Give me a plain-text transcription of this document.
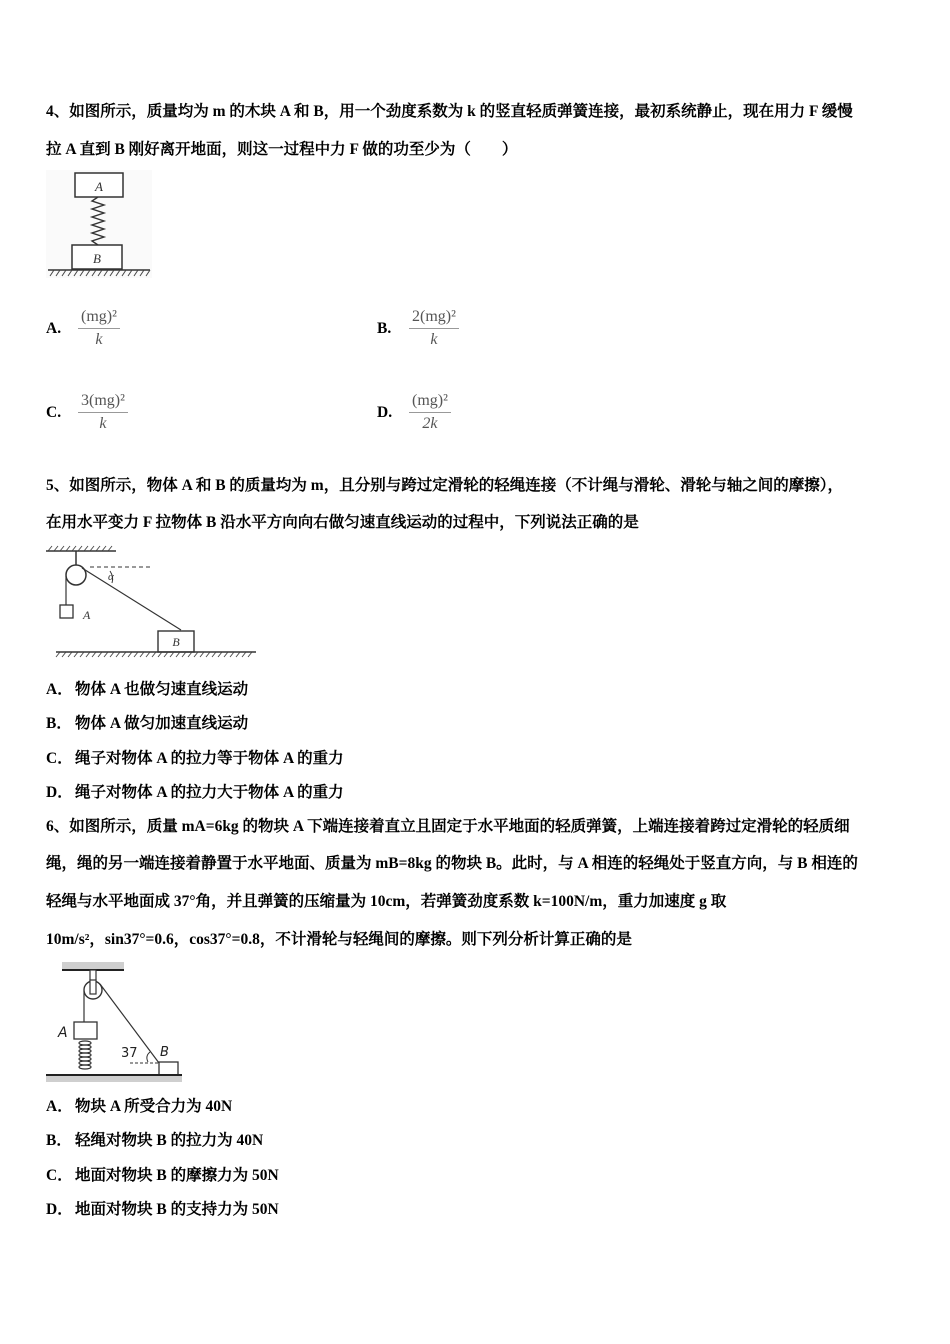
4、如图所示，质量均为 m 的木块 A 和 B，用一个劲度系数为 k 的竖直轻质弹簧连接，最初系统静止，现在用力 F 缓慢
拉 A 直到 B 刚好离开地面，则这一过程中力 F 做的功至少为（　　）
A
B
A.	$\frac{\text{(mg)²}}{k}$	B.	$\frac{\text{2(mg)²}}{k}$
C.	$\frac{\text{3(mg)²}}{k}$	D.	$\frac{\text{(mg)²}}{2k}$
5、如图所示，物体 A 和 B 的质量均为 m，且分别与跨过定滑轮的轻绳连接（不计绳与滑轮、滑轮与轴之间的摩擦），
在用水平变力 F 拉物体 B 沿水平方向向右做匀速直线运动的过程中，下列说法正确的是
A
α
B
A． 物体 A 也做匀速直线运动
B． 物体 A 做匀加速直线运动
C． 绳子对物体 A 的拉力等于物体 A 的重力
D． 绳子对物体 A 的拉力大于物体 A 的重力
6、如图所示，质量 mA=6kg 的物块 A 下端连接着直立且固定于水平地面的轻质弹簧，上端连接着跨过定滑轮的轻质细
绳，绳的另一端连接着静置于水平地面、质量为 mB=8kg 的物块 B。此时，与 A 相连的轻绳处于竖直方向，与 B 相连的
轻绳与水平地面成 37°角，并且弹簧的压缩量为 10cm，若弹簧劲度系数 k=100N/m，重力加速度 g 取
10m/s²，sin37°=0.6，cos37°=0.8，不计滑轮与轻绳间的摩擦。则下列分析计算正确的是
A
37 B
A． 物块 A 所受合力为 40N
B． 轻绳对物块 B 的拉力为 40N
C． 地面对物块 B 的摩擦力为 50N
D． 地面对物块 B 的支持力为 50N
